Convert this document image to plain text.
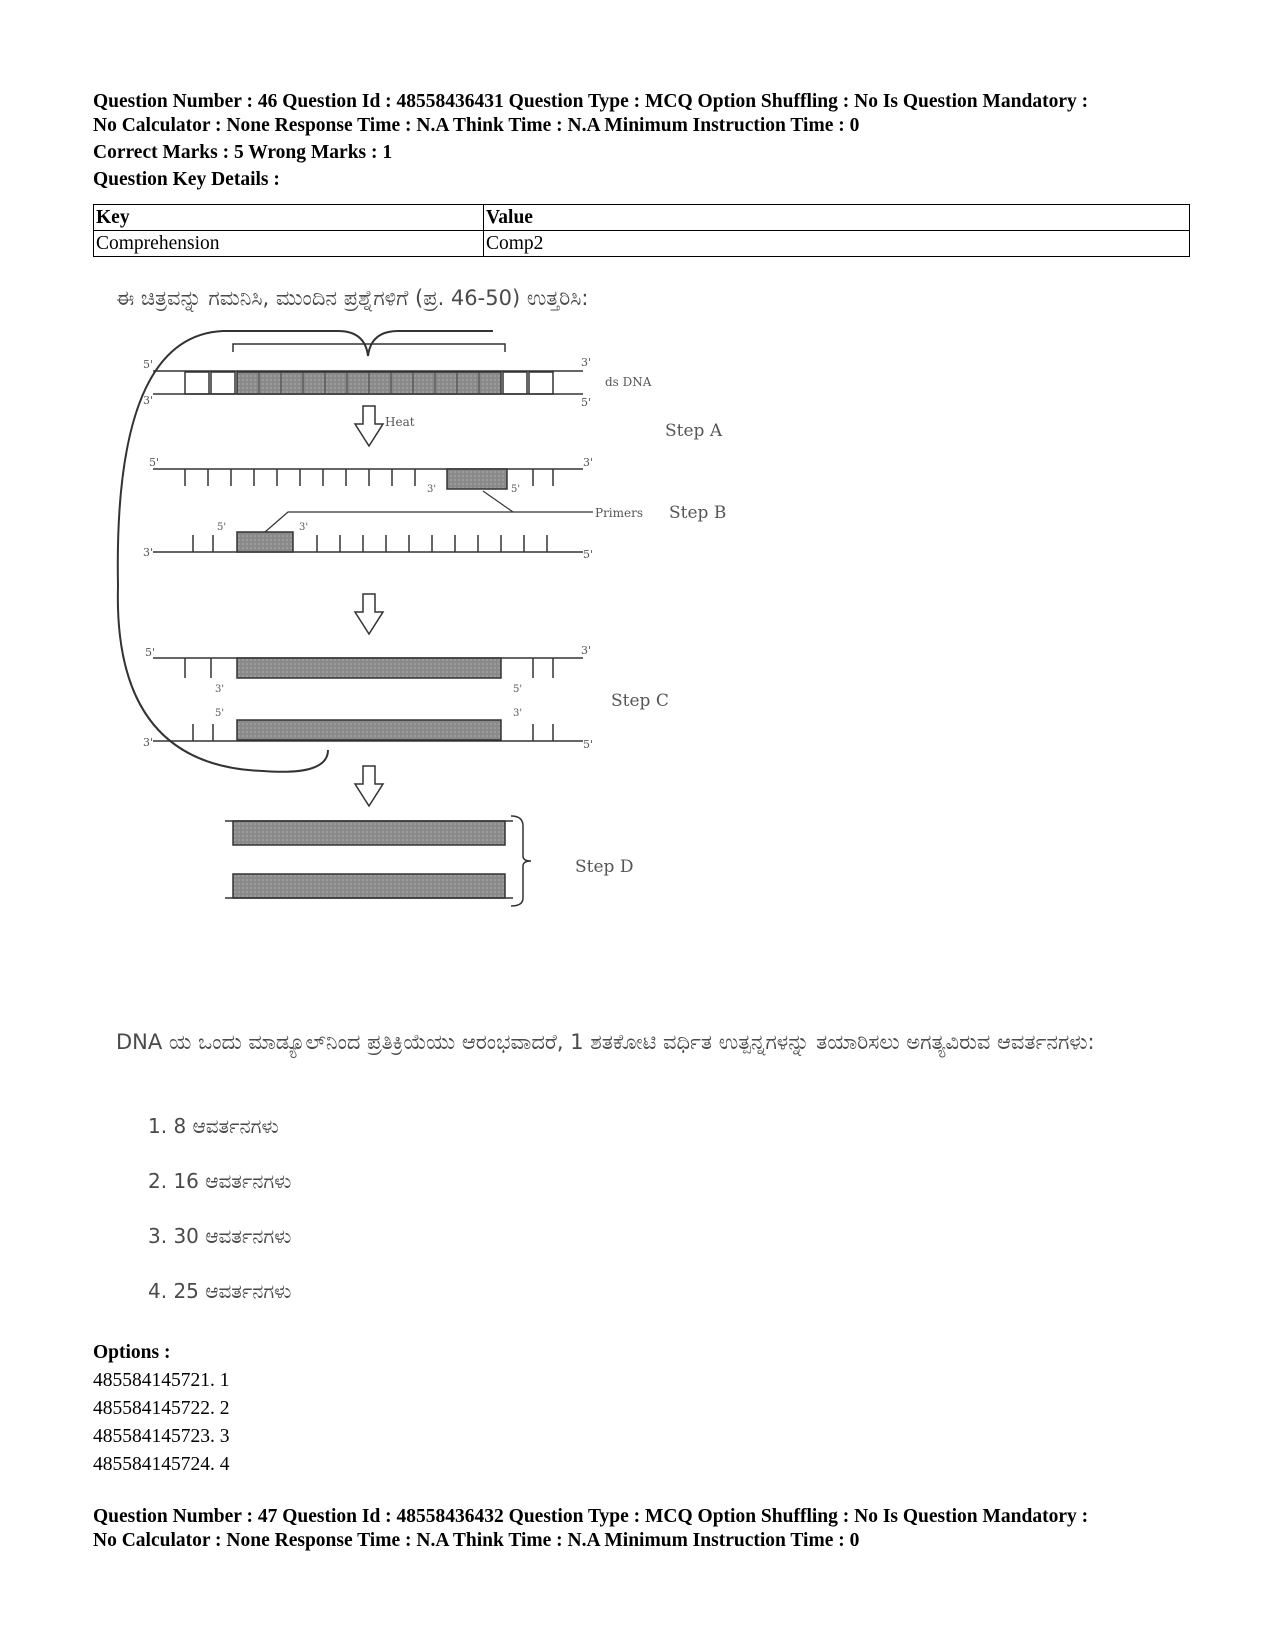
Question Number : 46 Question Id : 48558436431 Question Type : MCQ Option Shuffling : No Is Question Mandatory :
No Calculator : None Response Time : N.A Think Time : N.A Minimum Instruction Time : 0
Correct Marks : 5 Wrong Marks : 1
Question Key Details :
Key	Value
Comprehension	Comp2
ಈ ಚಿತ್ರವನ್ನು ಗಮನಿಸಿ, ಮುಂದಿನ ಪ್ರಶ್ನೆಗಳಿಗೆ (ಪ್ರ. 46-50) ಉತ್ತರಿಸಿ:
5'
3'
3'
5'
ds DNA
Heat	Step A
5'	3'
3'	5'
Primers Step B
5'	3'
3'	5'
5'	3'
3'	5'
Step C
5'	3'
3'	5'
Step D
DNA ಯ ಒಂದು ಮಾಡ್ಯೂಲ್‌ನಿಂದ ಪ್ರತಿಕ್ರಿಯೆಯು ಆರಂಭವಾದರೆ, 1 ಶತಕೋಟಿ ವರ್ಧಿತ ಉತ್ಪನ್ನಗಳನ್ನು ತಯಾರಿಸಲು ಅಗತ್ಯವಿರುವ ಆವರ್ತನಗಳು:
1. 8 ಆವರ್ತನಗಳು
2. 16 ಆವರ್ತನಗಳು
3. 30 ಆವರ್ತನಗಳು
4. 25 ಆವರ್ತನಗಳು
Options :
485584145721. 1
485584145722. 2
485584145723. 3
485584145724. 4
Question Number : 47 Question Id : 48558436432 Question Type : MCQ Option Shuffling : No Is Question Mandatory :
No Calculator : None Response Time : N.A Think Time : N.A Minimum Instruction Time : 0
